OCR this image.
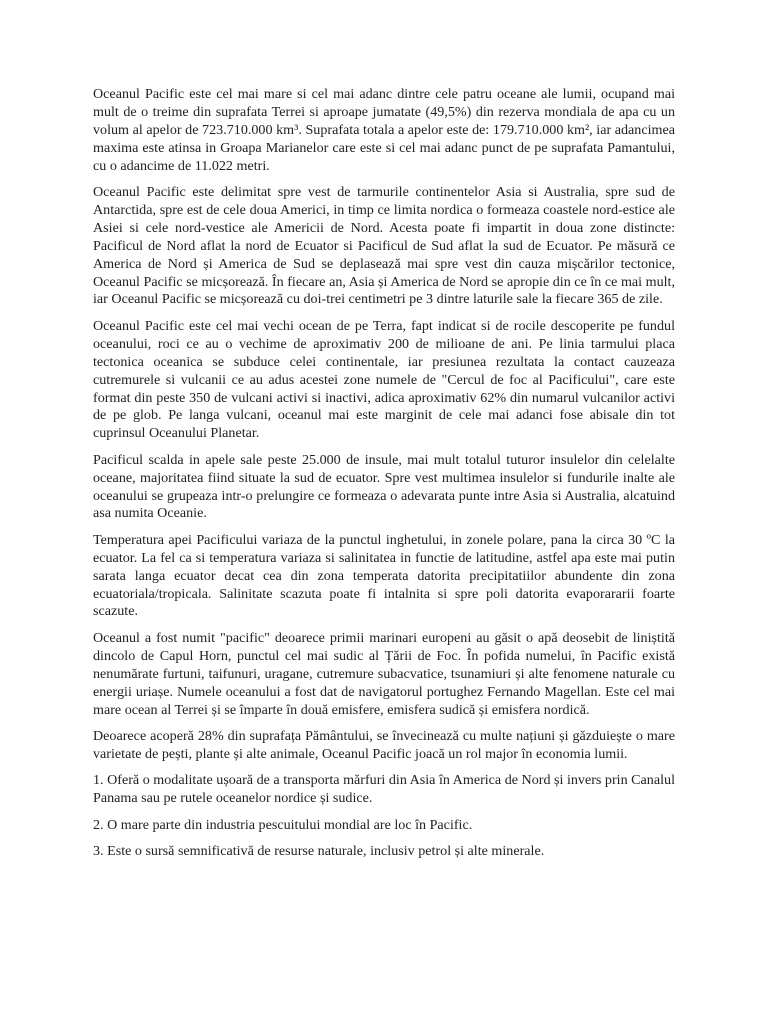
Oceanul Pacific este cel mai mare si cel mai adanc dintre cele patru oceane ale lumii, ocupand mai mult de o treime din suprafata Terrei si aproape jumatate (49,5%) din rezerva mondiala de apa cu un volum al apelor de 723.710.000 km³. Suprafata totala a apelor este de: 179.710.000 km², iar adancimea maxima este atinsa in Groapa Marianelor care este si cel mai adanc punct de pe suprafata Pamantului, cu o adancime de 11.022 metri.

Oceanul Pacific este delimitat spre vest de tarmurile continentelor Asia si Australia, spre sud de Antarctida, spre est de cele doua Americi, in timp ce limita nordica o formeaza coastele nord-estice ale Asiei si cele nord-vestice ale Americii de Nord. Acesta poate fi impartit in doua zone distincte: Pacificul de Nord aflat la nord de Ecuator si Pacificul de Sud aflat la sud de Ecuator. Pe măsură ce America de Nord și America de Sud se deplasează mai spre vest din cauza mișcărilor tectonice, Oceanul Pacific se micșorează. În fiecare an, Asia și America de Nord se apropie din ce în ce mai mult, iar Oceanul Pacific se micșorează cu doi-trei centimetri pe 3 dintre laturile sale la fiecare 365 de zile.

Oceanul Pacific este cel mai vechi ocean de pe Terra, fapt indicat si de rocile descoperite pe fundul oceanului, roci ce au o vechime de aproximativ 200 de milioane de ani. Pe linia tarmului placa tectonica oceanica se subduce celei continentale, iar presiunea rezultata la contact cauzeaza cutremurele si vulcanii ce au adus acestei zone numele de "Cercul de foc al Pacificului", care este format din peste 350 de vulcani activi si inactivi, adica aproximativ 62% din numarul vulcanilor activi de pe glob. Pe langa vulcani, oceanul mai este marginit de cele mai adanci fose abisale din tot cuprinsul Oceanului Planetar.

Pacificul scalda in apele sale peste 25.000 de insule, mai mult totalul tuturor insulelor din celelalte oceane, majoritatea fiind situate la sud de ecuator. Spre vest multimea insulelor si fundurile inalte ale oceanului se grupeaza intr-o prelungire ce formeaza o adevarata punte intre Asia si Australia, alcatuind asa numita Oceanie.

Temperatura apei Pacificului variaza de la punctul inghetului, in zonele polare, pana la circa 30 ºC la ecuator. La fel ca si temperatura variaza si salinitatea in functie de latitudine, astfel apa este mai putin sarata langa ecuator decat cea din zona temperata datorita precipitatiilor abundente din zona ecuatoriala/tropicala. Salinitate scazuta poate fi intalnita si spre poli datorita evaporararii foarte scazute.

Oceanul a fost numit "pacific" deoarece primii marinari europeni au găsit o apă deosebit de liniștită dincolo de Capul Horn, punctul cel mai sudic al Țării de Foc. În pofida numelui, în Pacific există nenumărate furtuni, taifunuri, uragane, cutremure subacvatice, tsunamiuri și alte fenomene naturale cu energii uriașe. Numele oceanului a fost dat de navigatorul portughez Fernando Magellan. Este cel mai mare ocean al Terrei și se împarte în două emisfere, emisfera sudică și emisfera nordică.

Deoarece acoperă 28% din suprafața Pământului, se învecinează cu multe națiuni și găzduiește o mare varietate de pești, plante și alte animale, Oceanul Pacific joacă un rol major în economia lumii.

1. Oferă o modalitate ușoară de a transporta mărfuri din Asia în America de Nord și invers prin Canalul Panama sau pe rutele oceanelor nordice și sudice.

2. O mare parte din industria pescuitului mondial are loc în Pacific.

3. Este o sursă semnificativă de resurse naturale, inclusiv petrol și alte minerale.
